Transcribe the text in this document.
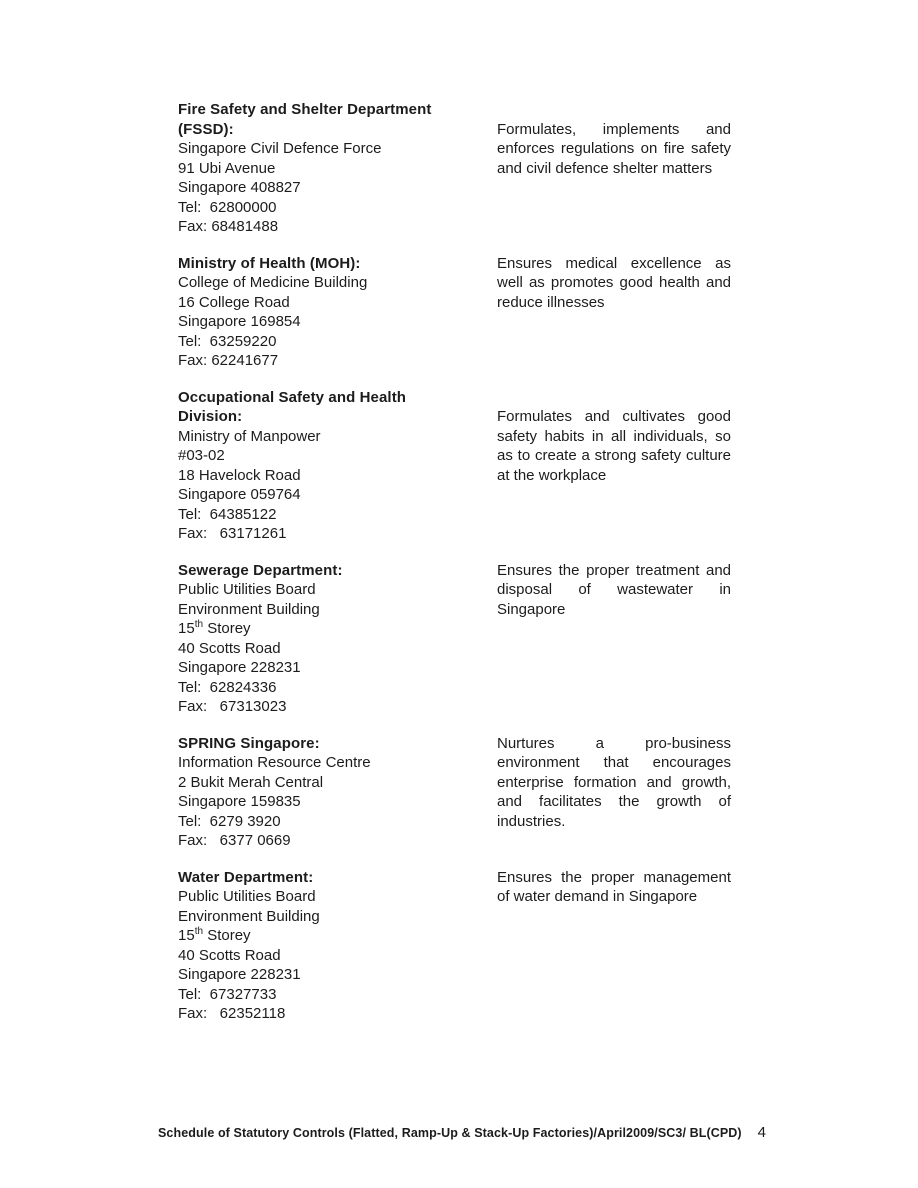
Fire Safety and Shelter Department (FSSD):
Singapore Civil Defence Force
91 Ubi Avenue
Singapore 408827
Tel:  62800000
Fax: 68481488

Formulates, implements and enforces regulations on fire safety and civil defence shelter matters

Ministry of Health (MOH):
College of Medicine Building
16 College Road
Singapore 169854
Tel:  63259220
Fax: 62241677

Ensures medical excellence as well as promotes good health and reduce illnesses

Occupational Safety and Health Division:
Ministry of Manpower
#03-02
18 Havelock Road
Singapore 059764
Tel:  64385122
Fax:   63171261

Formulates and cultivates good safety habits in all individuals, so as to create a strong safety culture at the workplace

Sewerage Department:
Public Utilities Board
Environment Building
15th Storey
40 Scotts Road
Singapore 228231
Tel:  62824336
Fax:   67313023

Ensures the proper treatment and disposal of wastewater in Singapore

SPRING Singapore:
Information Resource Centre
2 Bukit Merah Central
Singapore 159835
Tel:  6279 3920
Fax:   6377 0669

Nurtures a pro-business environment that encourages enterprise formation and growth, and facilitates the growth of industries.

Water Department:
Public Utilities Board
Environment Building
15th Storey
40 Scotts Road
Singapore 228231
Tel:  67327733
Fax:   62352118

Ensures the proper management of water demand in Singapore

Schedule of Statutory Controls (Flatted, Ramp-Up & Stack-Up Factories)/April2009/SC3/ BL(CPD) 4
